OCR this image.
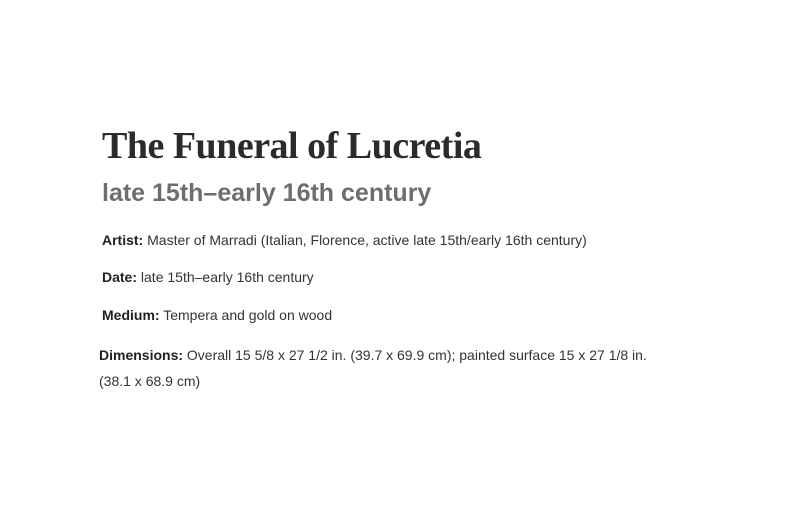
The Funeral of Lucretia
late 15th–early 16th century

Artist: Master of Marradi (Italian, Florence, active late 15th/early 16th century)

Date: late 15th–early 16th century

Medium: Tempera and gold on wood

Dimensions: Overall 15 5/8 x 27 1/2 in. (39.7 x 69.9 cm); painted surface 15 x 27 1/8 in. (38.1 x 68.9 cm)
